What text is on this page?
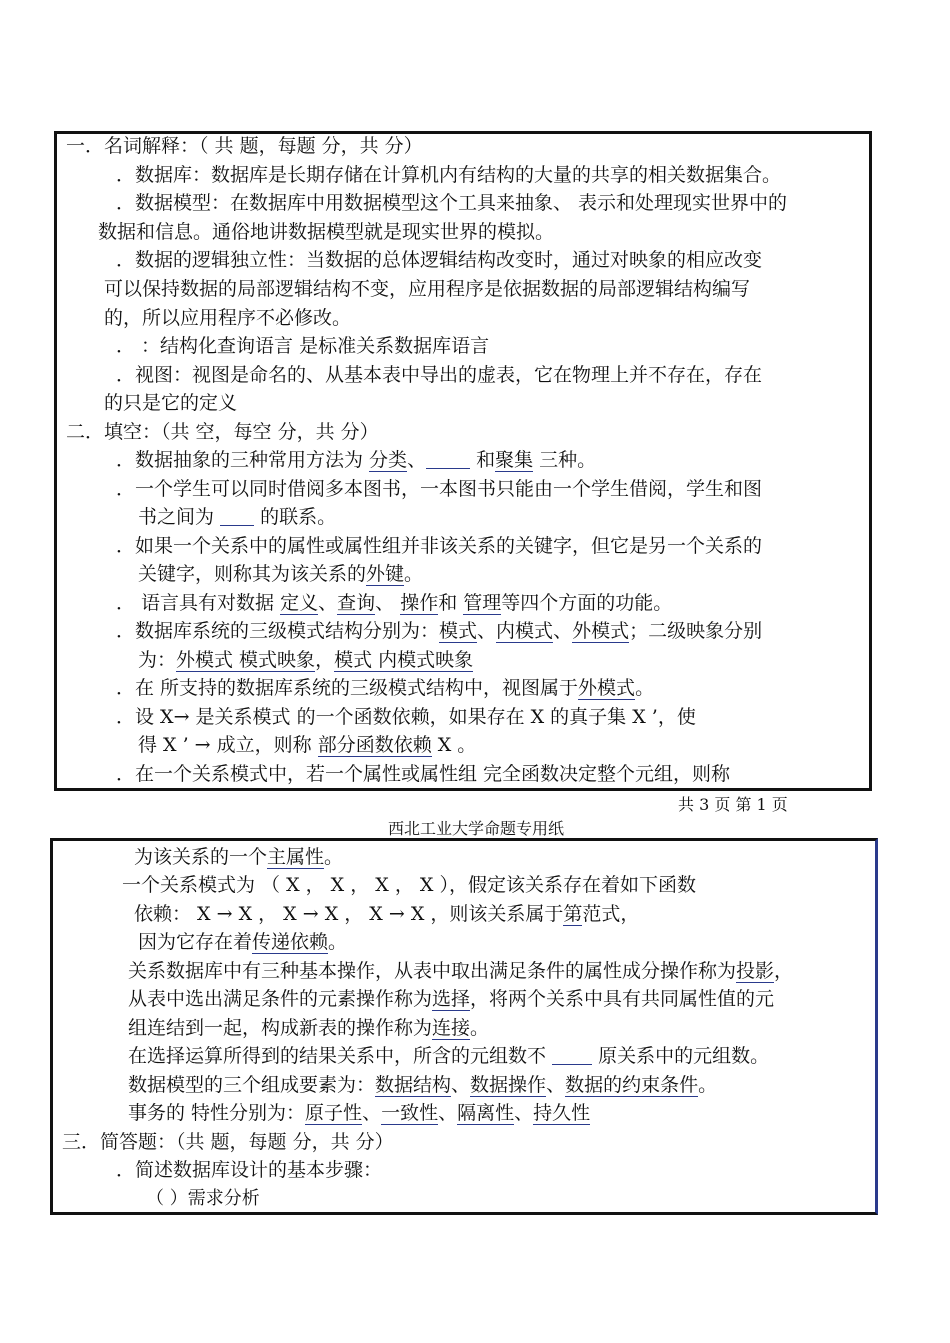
一．名词解释：（ 共 题，每题 分，共 分）
．数据库：数据库是长期存储在计算机内有结构的大量的共享的相关数据集合。
．数据模型：在数据库中用数据模型这个工具来抽象、 表示和处理现实世界中的
数据和信息。通俗地讲数据模型就是现实世界的模拟。
．数据的逻辑独立性：当数据的总体逻辑结构改变时，通过对映象的相应改变
可以保持数据的局部逻辑结构不变，应用程序是依据数据的局部逻辑结构编写
的，所以应用程序不必修改。
． ：结构化查询语言 是标准关系数据库语言
．视图：视图是命名的、从基本表中导出的虚表，它在物理上并不存在，存在
的只是它的定义
二．填空：（共 空，每空 分，共 分）
．数据抽象的三种常用方法为 分类、 和聚集 三种。
．一个学生可以同时借阅多本图书，一本图书只能由一个学生借阅，学生和图
书之间为  的联系。
．如果一个关系中的属性或属性组并非该关系的关键字，但它是另一个关系的
关键字，则称其为该关系的外键。
． 语言具有对数据 定义、查询、 操作和 管理等四个方面的功能。
．数据库系统的三级模式结构分别为：模式、内模式、外模式；二级映象分别
为：外模式 模式映象，模式 内模式映象
．在 所支持的数据库系统的三级模式结构中，视图属于外模式。
．设 X→ 是关系模式 的一个函数依赖，如果存在 X 的真子集 X ’，使
得 X ’ → 成立，则称 部分函数依赖 X 。
．在一个关系模式中，若一个属性或属性组 完全函数决定整个元组，则称
共 3 页 第 1 页
西北工业大学命题专用纸
为该关系的一个主属性。
一个关系模式为 （ X ， X ， X ， X ），假定该关系存在着如下函数
依赖： X → X ， X → X ， X → X ，则该关系属于第范式，
因为它存在着传递依赖。
关系数据库中有三种基本操作，从表中取出满足条件的属性成分操作称为投影，
从表中选出满足条件的元素操作称为选择，将两个关系中具有共同属性值的元
组连结到一起，构成新表的操作称为连接。
在选择运算所得到的结果关系中，所含的元组数不  原关系中的元组数。
数据模型的三个组成要素为：数据结构、数据操作、数据的约束条件。
事务的 特性分别为：原子性、一致性、隔离性、持久性
三．简答题：（共 题，每题 分，共 分）
．简述数据库设计的基本步骤：
（ ）需求分析
